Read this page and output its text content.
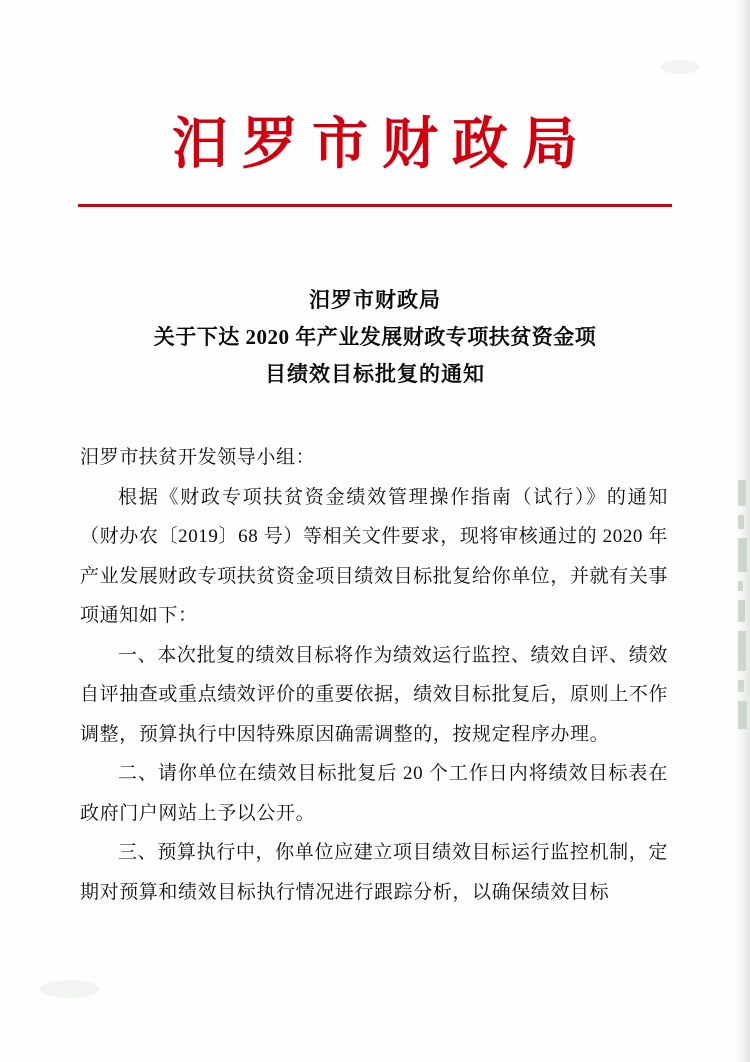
汨罗市财政局
汨罗市财政局
关于下达 2020 年产业发展财政专项扶贫资金项
目绩效目标批复的通知

汨罗市扶贫开发领导小组：

根据《财政专项扶贫资金绩效管理操作指南（试行）》的通知（财办农〔2019〕68 号）等相关文件要求，现将审核通过的 2020 年产业发展财政专项扶贫资金项目绩效目标批复给你单位，并就有关事项通知如下：

一、本次批复的绩效目标将作为绩效运行监控、绩效自评、绩效自评抽查或重点绩效评价的重要依据，绩效目标批复后，原则上不作调整，预算执行中因特殊原因确需调整的，按规定程序办理。

二、请你单位在绩效目标批复后 20 个工作日内将绩效目标表在政府门户网站上予以公开。

三、预算执行中，你单位应建立项目绩效目标运行监控机制，定期对预算和绩效目标执行情况进行跟踪分析，以确保绩效目标
